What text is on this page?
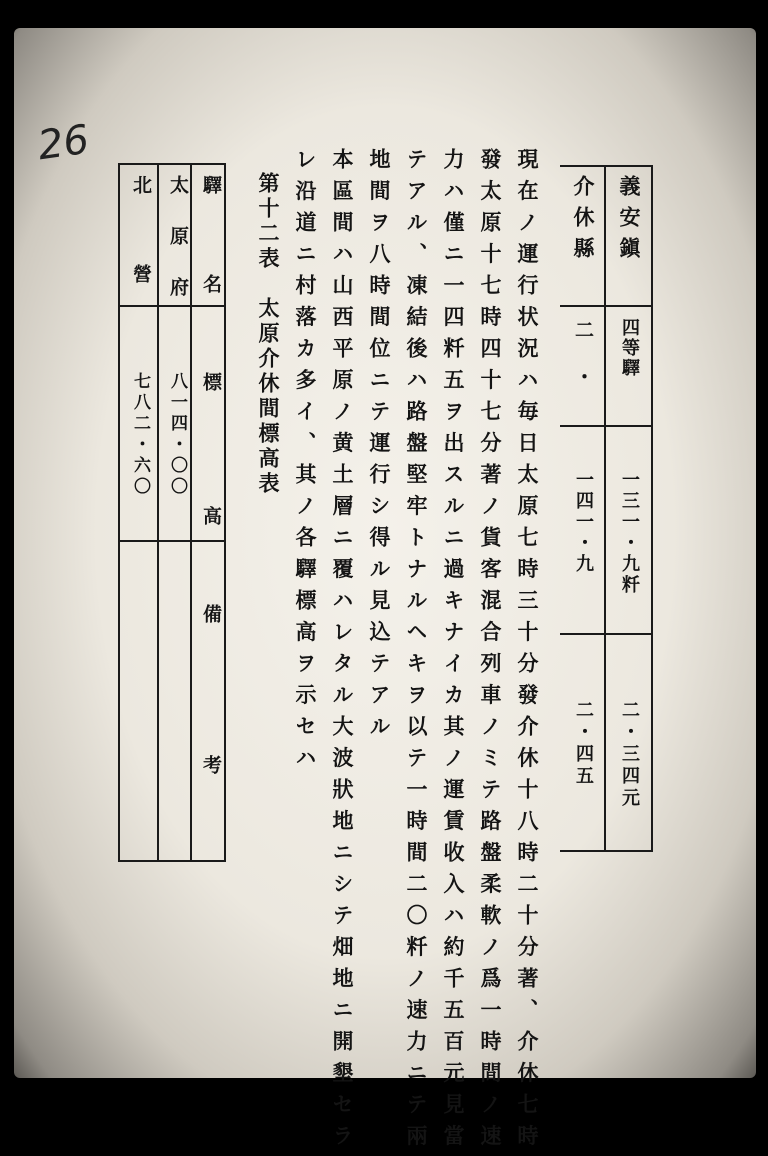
26
義安鎭
四等驛
一三一・九粁
二・三四元
介休縣
二・
一四一・九
二・四五
現在ノ運行状況ハ毎日太原七時三十分發介休十八時二十分著、介休七時
發太原十七時四十七分著ノ貨客混合列車ノミテ路盤柔軟ノ爲一時間ノ速
力ハ僅ニ一四粁五ヲ出スルニ過キナイカ其ノ運賃收入ハ約千五百元見當
テアル、凍結後ハ路盤堅牢トナルヘキヲ以テ一時間二〇粁ノ速力ニテ兩
地間ヲ八時間位ニテ運行シ得ル見込テアル
本區間ハ山西平原ノ黄土層ニ覆ハレタル大波狀地ニシテ畑地ニ開墾セラ
レ沿道ニ村落カ多イ、其ノ各驛標高ヲ示セハ
第十二表　太原介休間標高表
驛名
標高
備考
太原府
八一四・〇〇
北營
七八二・六〇
